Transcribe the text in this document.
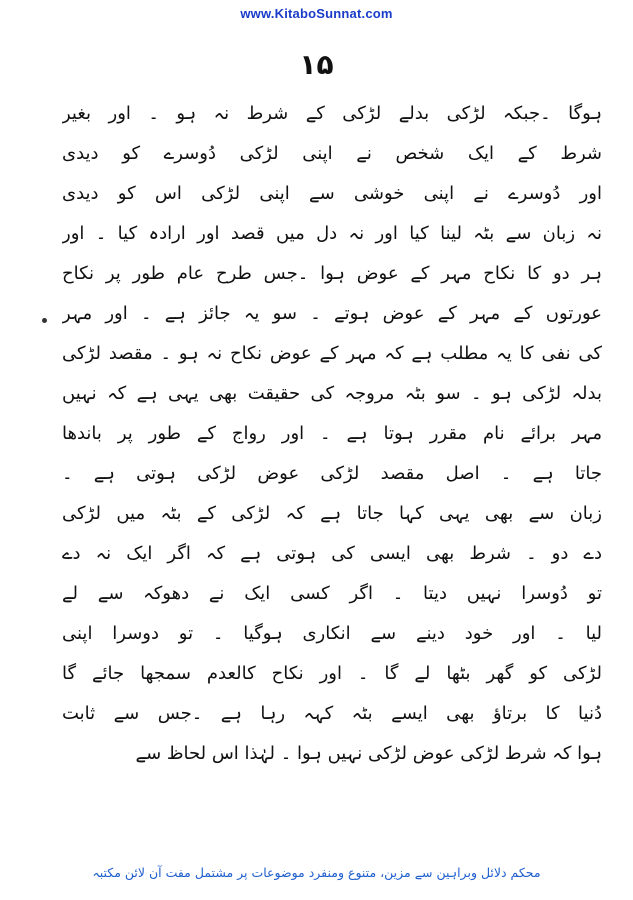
www.KitaboSunnat.com
۱۵
ہوگا ۔جبکہ لڑکی بدلے لڑکی کے شرط نہ ہو ۔ اور بغیر
شرط کے ایک شخص نے اپنی لڑکی دُوسرے کو دیدی
اور دُوسرے نے اپنی خوشی سے اپنی لڑکی اس کو دیدی
نہ زبان سے بٹہ لینا کیا اور نہ دل میں قصد اور ارادہ کیا ۔ اور
ہر دو کا نکاح مہر کے عوض ہوا ۔جس طرح عام طور پر نکاح
عورتوں کے مہر کے عوض ہوتے ۔ سو یہ جائز ہے ۔ اور مہر
کی نفی کا یہ مطلب ہے کہ مہر کے عوض نکاح نہ ہو ۔ مقصد لڑکی
بدلہ لڑکی ہو ۔ سو بٹہ مروجہ کی حقیقت بھی یہی ہے کہ نہیں
مہر برائے نام مقرر ہوتا ہے ۔ اور رواج کے طور پر باندھا
جاتا ہے ۔ اصل مقصد لڑکی عوض لڑکی ہوتی ہے ۔
زبان سے بھی یہی کہا جاتا ہے کہ لڑکی کے بٹہ میں لڑکی
دے دو ۔ شرط بھی ایسی کی ہوتی ہے کہ اگر ایک نہ دے
تو دُوسرا نہیں دیتا ۔ اگر کسی ایک نے دھوکہ سے لے
لیا ۔ اور خود دینے سے انکاری ہوگیا ۔ تو دوسرا اپنی
لڑکی کو گھر بٹھا لے گا ۔ اور نکاح کالعدم سمجھا جائے گا
دُنیا کا برتاؤ بھی ایسے بٹہ کہہ رہا ہے ۔جس سے ثابت
ہوا کہ شرط لڑکی عوض لڑکی نہیں ہوا ۔ لہٰذا اس لحاظ سے
محکم دلائل وبراہین سے مزین، متنوع ومنفرد موضوعات پر مشتمل مفت آن لائن مکتبہ
